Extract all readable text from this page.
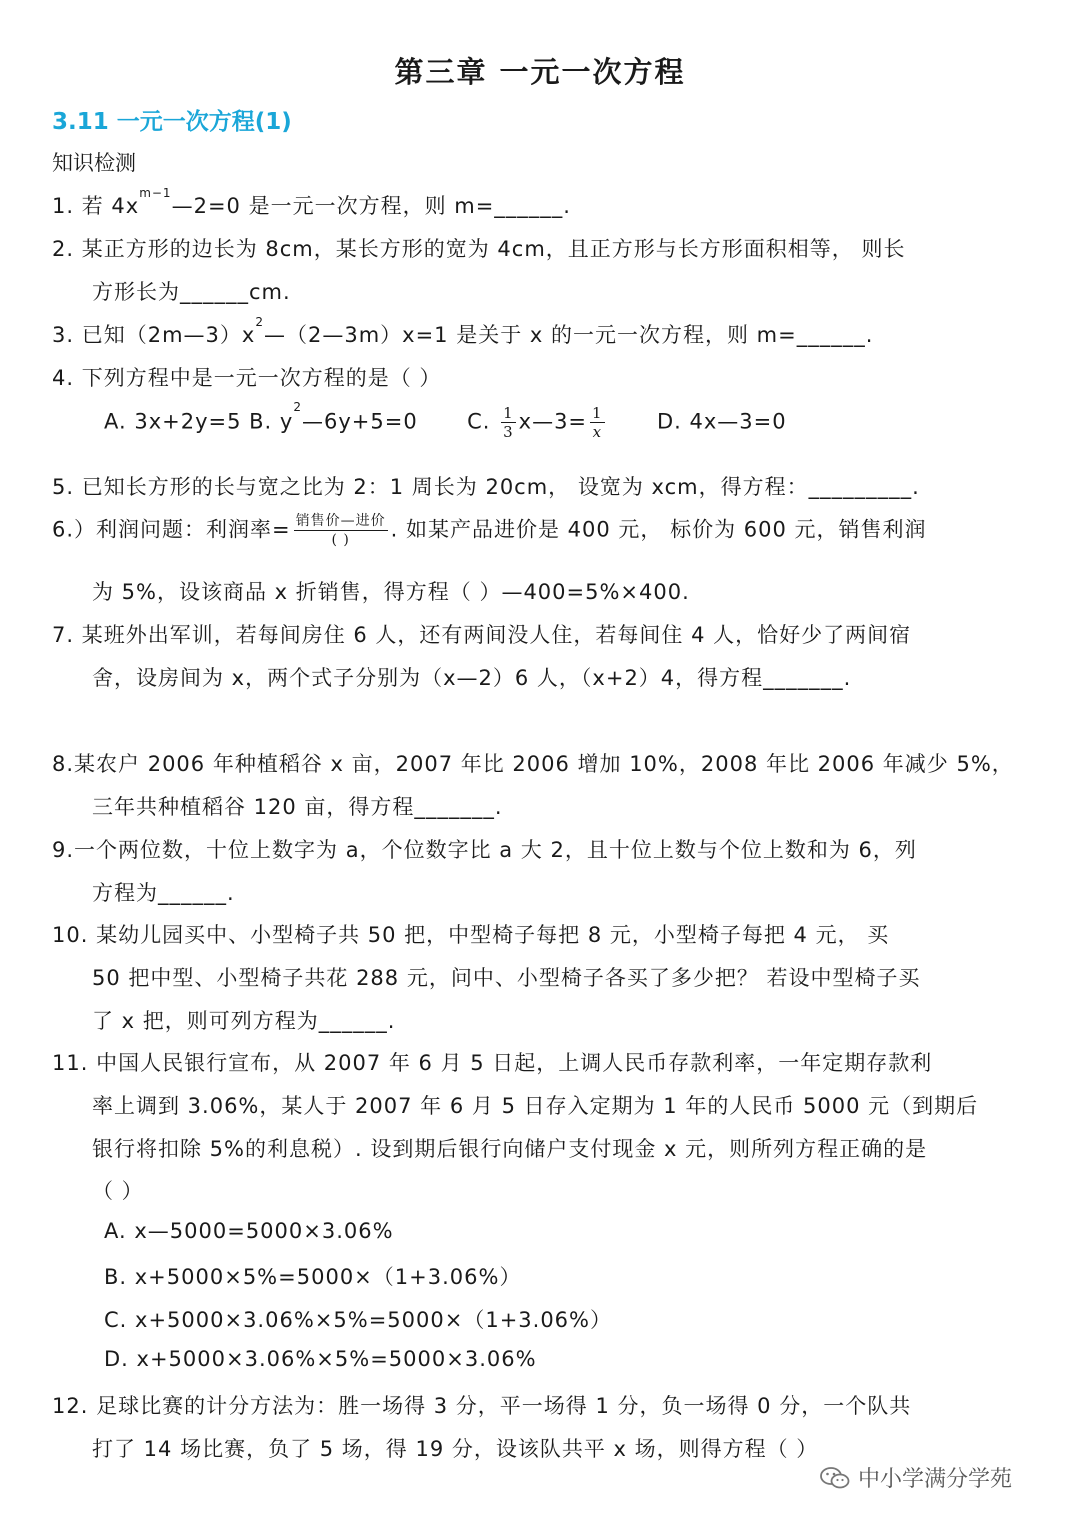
第三章 一元一次方程
3.11 一元一次方程(1)
知识检测
1. 若 $4x^{m-1}—2=0$ 是一元一次方程，则 m=______.
2. 某正方形的边长为 8cm，某长方形的宽为 4cm，且正方形与长方形面积相等， 则长
方形长为______cm.
3. 已知$(2m—3)x^2—(2—3m)x=1$ 是关于 x 的一元一次方程，则 m=______.
4. 下列方程中是一元一次方程的是（ ）
A. 3x+2y=5 B. $y^2—6y+5=0$ C. $\frac{1}{3}$ x—3= $\frac{1}{x} D$. 4x—3=0
5. 已知长方形的长与宽之比为 2：1 周长为 20cm， 设宽为 xcm，得方程：_________.
6.）利润问题：利润率= $\frac{\text{销售价—进价}}{( )}$ . 如某产品进价是 400 元， 标价为 600 元，销售利润
为 5%，设该商品 x 折销售，得方程（ ）—400=5%×400.
7. 某班外出军训，若每间房住 6 人，还有两间没人住，若每间住 4 人，恰好少了两间宿
舍，设房间为 x，两个式子分别为（x—2）6 人，（x+2）4，得方程_______.
8.某农户 2006 年种植稻谷 x 亩，2007 年比 2006 增加 10%，2008 年比 2006 年减少 5%，
三年共种植稻谷 120 亩，得方程_______.
9.一个两位数，十位上数字为 a，个位数字比 a 大 2，且十位上数与个位上数和为 6，列
方程为______.
10. 某幼儿园买中、小型椅子共 50 把，中型椅子每把 8 元，小型椅子每把 4 元， 买
50 把中型、小型椅子共花 288 元，问中、小型椅子各买了多少把？ 若设中型椅子买
了 x 把，则可列方程为______.
11. 中国人民银行宣布，从 2007 年 6 月 5 日起，上调人民币存款利率，一年定期存款利
率上调到 3.06%，某人于 2007 年 6 月 5 日存入定期为 1 年的人民币 5000 元（到期后
银行将扣除 5%的利息税）. 设到期后银行向储户支付现金 x 元，则所列方程正确的是
（ ）
A. x—5000=5000×3.06%
B. x+5000×5%=5000×（1+3.06%）
C. x+5000×3.06%×5%=5000×（1+3.06%）
D. x+5000×3.06%×5%=5000×3.06%
12. 足球比赛的计分方法为：胜一场得 3 分，平一场得 1 分，负一场得 0 分，一个队共
打了 14 场比赛，负了 5 场，得 19 分，设该队共平 x 场，则得方程（ ）
中小学满分学苑
